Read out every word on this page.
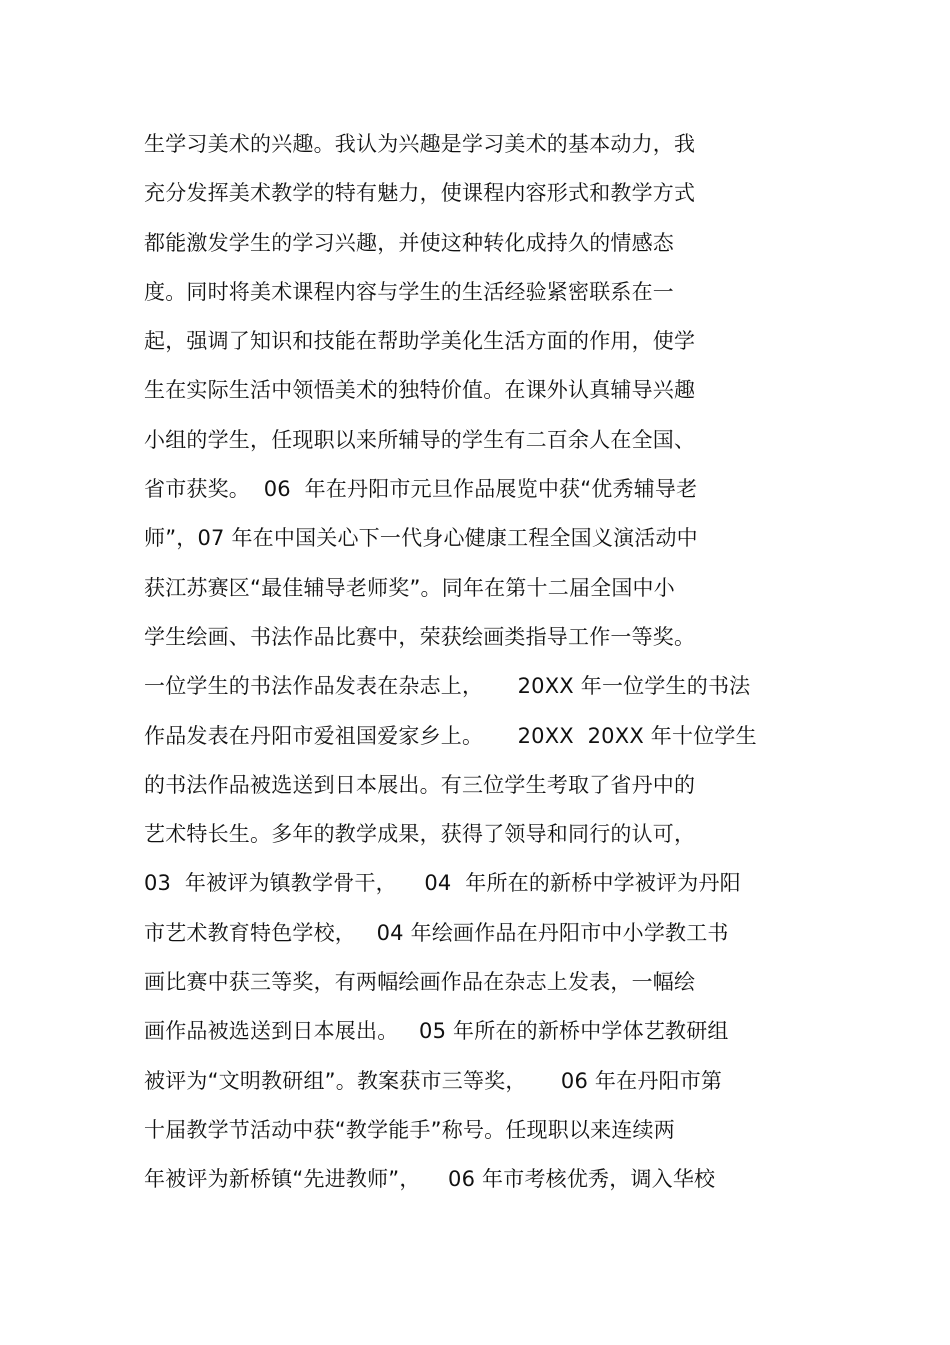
生学习美术的兴趣。我认为兴趣是学习美术的基本动力，我
充分发挥美术教学的特有魅力，使课程内容形式和教学方式
都能激发学生的学习兴趣，并使这种转化成持久的情感态
度。同时将美术课程内容与学生的生活经验紧密联系在一
起，强调了知识和技能在帮助学美化生活方面的作用，使学
生在实际生活中领悟美术的独特价值。在课外认真辅导兴趣
小组的学生，任现职以来所辅导的学生有二百余人在全国、
省市获奖。  06  年在丹阳市元旦作品展览中获“优秀辅导老
师”，07 年在中国关心下一代身心健康工程全国义演活动中
获江苏赛区“最佳辅导老师奖”。同年在第十二届全国中小
学生绘画、书法作品比赛中，荣获绘画类指导工作一等奖。
一位学生的书法作品发表在杂志上，     20XX 年一位学生的书法
作品发表在丹阳市爱祖国爱家乡上。     20XX  20XX 年十位学生
的书法作品被选送到日本展出。有三位学生考取了省丹中的
艺术特长生。多年的教学成果，获得了领导和同行的认可，
03  年被评为镇教学骨干，    04  年所在的新桥中学被评为丹阳
市艺术教育特色学校，   04 年绘画作品在丹阳市中小学教工书
画比赛中获三等奖，有两幅绘画作品在杂志上发表，一幅绘
画作品被选送到日本展出。   05 年所在的新桥中学体艺教研组
被评为“文明教研组”。教案获市三等奖，     06 年在丹阳市第
十届教学节活动中获“教学能手”称号。任现职以来连续两
年被评为新桥镇“先进教师”，    06 年市考核优秀，调入华校
